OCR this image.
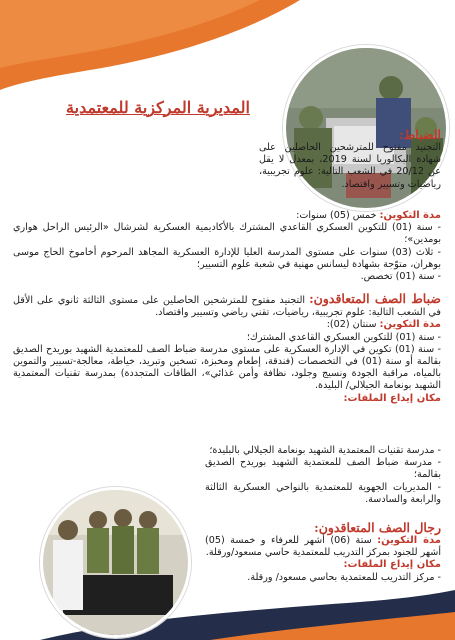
المديرية المركزية للمعتمدية
الضباط:

التجنيد مفتوح للمترشحين الحاصلين على شهادة البكالوريا لسنة 2019، بمعدل لا يقل عن 20/12 في الشعب التالية: علوم تجريبية، رياضيات وتسيير واقتصاد.

مدة التكوين: خمس (05) سنوات:

- سنة (01) للتكوين العسكري القاعدي المشترك بالأكاديمية العسكرية لشرشال «الرئيس الراحل هواري بومدين»؛

- ثلاث (03) سنوات على مستوى المدرسة العليا للإدارة العسكرية المجاهد المرحوم أخاموخ الحاج موسى بوهران، متوّجة بشهادة ليسانس مهنية في شعبة علوم التسيير؛

- سنة (01) تخصص.

ضباط الصف المتعاقدون: التجنيد مفتوح للمترشحين الحاصلين على مستوى الثالثة ثانوي على الأقل في الشعب التالية: علوم تجريبية، رياضيات، تقني رياضي وتسيير واقتصاد.

مدة التكوين: سنتان (02):

- سنة (01) للتكوين العسكري القاعدي المشترك؛

- سنة (01) تكوين في الإدارة العسكرية على مستوى مدرسة ضباط الصف للمعتمدية الشهيد بوريدح الصديق بقالمة أو سنة (01) في التخصصات (فندقة، إطعام ومخبزة، تسخين وتبريد، خياطة، معالجة-تسيير والتموين بالمياه، مراقبة الجودة ونسيج وجلود، نظافة وأمن غذائي»، الطاقات المتجددة) بمدرسة تقنيات المعتمدية الشهيد بونعامة الجيلالي/ البليدة.

مكان إيداع الملفات:

- مدرسة تقنيات المعتمدية الشهيد بونعامة الجيلالي بالبليدة؛

- مدرسة ضباط الصف للمعتمدية الشهيد بوريدح الصديق بقالمة؛

- المديريات الجهوية للمعتمدية بالنواحي العسكرية الثالثة والرابعة والسادسة.

رجال الصف المتعاقدون:

مدة التكوين: ستة (06) أشهر للعرفاء و خمسة (05) أشهر للجنود بمركز التدريب للمعتمدية حاسي مسعود/ورقلة.

مكان إيداع الملفات:

- مركز التدريب للمعتمدية بحاسي مسعود/ ورقلة.
